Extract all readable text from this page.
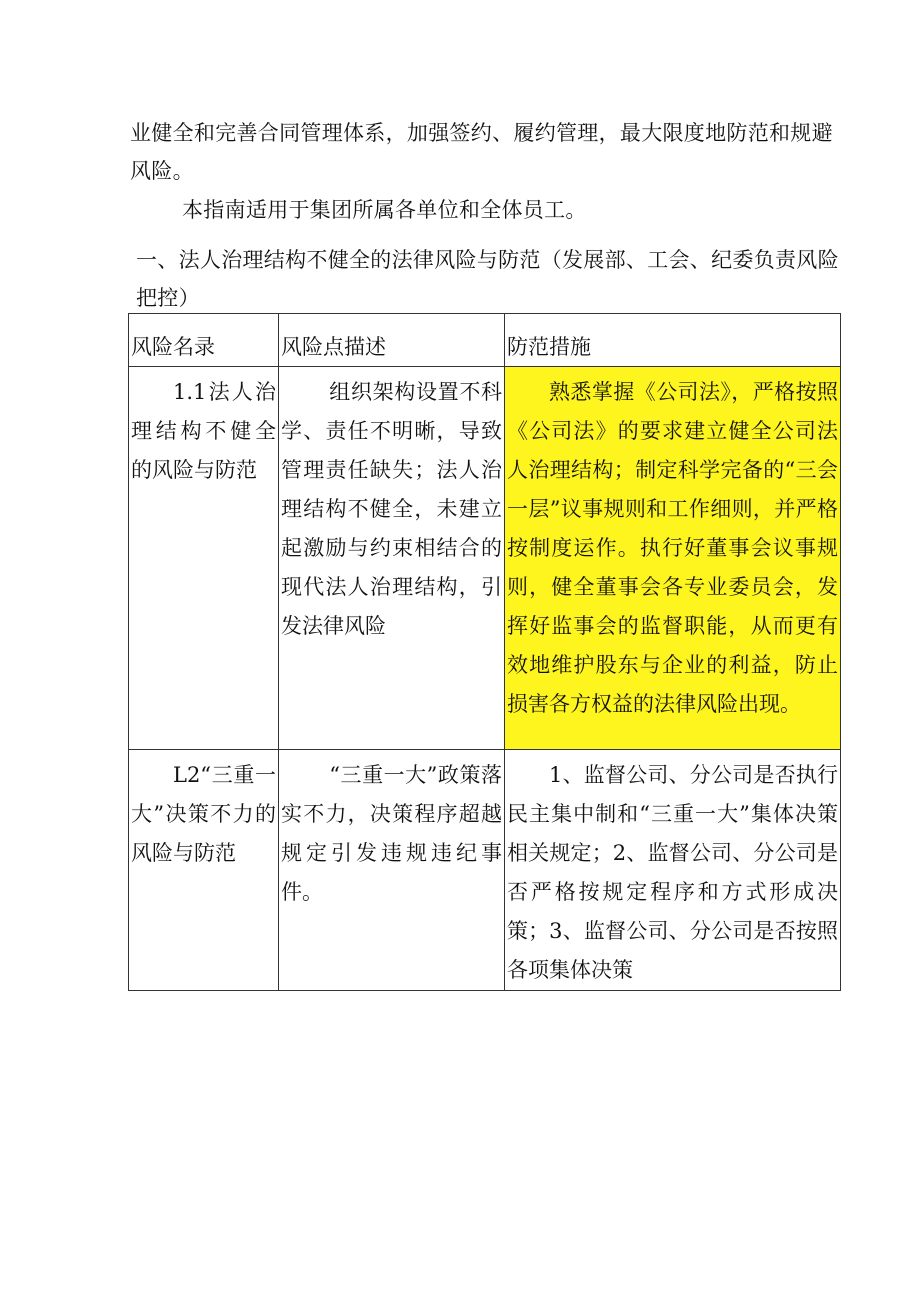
业健全和完善合同管理体系，加强签约、履约管理，最大限度地防范和规避风险。
本指南适用于集团所属各单位和全体员工。
一、法人治理结构不健全的法律风险与防范（发展部、工会、纪委负责风险把控）
风险名录	风险点描述	防范措施

1.1法人治理结构不健全的风险与防范	组织架构设置不科学、责任不明晰，导致管理责任缺失；法人治理结构不健全，未建立起激励与约束相结合的现代法人治理结构，引发法律风险	熟悉掌握《公司法》，严格按照《公司法》的要求建立健全公司法人治理结构；制定科学完备的“三会一层”议事规则和工作细则，并严格按制度运作。执行好董事会议事规则，健全董事会各专业委员会，发挥好监事会的监督职能，从而更有效地维护股东与企业的利益，防止损害各方权益的法律风险出现。

L2“三重一大”决策不力的风险与防范	“三重一大”政策落实不力，决策程序超越规定引发违规违纪事件。	1、监督公司、分公司是否执行民主集中制和“三重一大”集体决策相关规定；2、监督公司、分公司是否严格按规定程序和方式形成决策；3、监督公司、分公司是否按照各项集体决策
